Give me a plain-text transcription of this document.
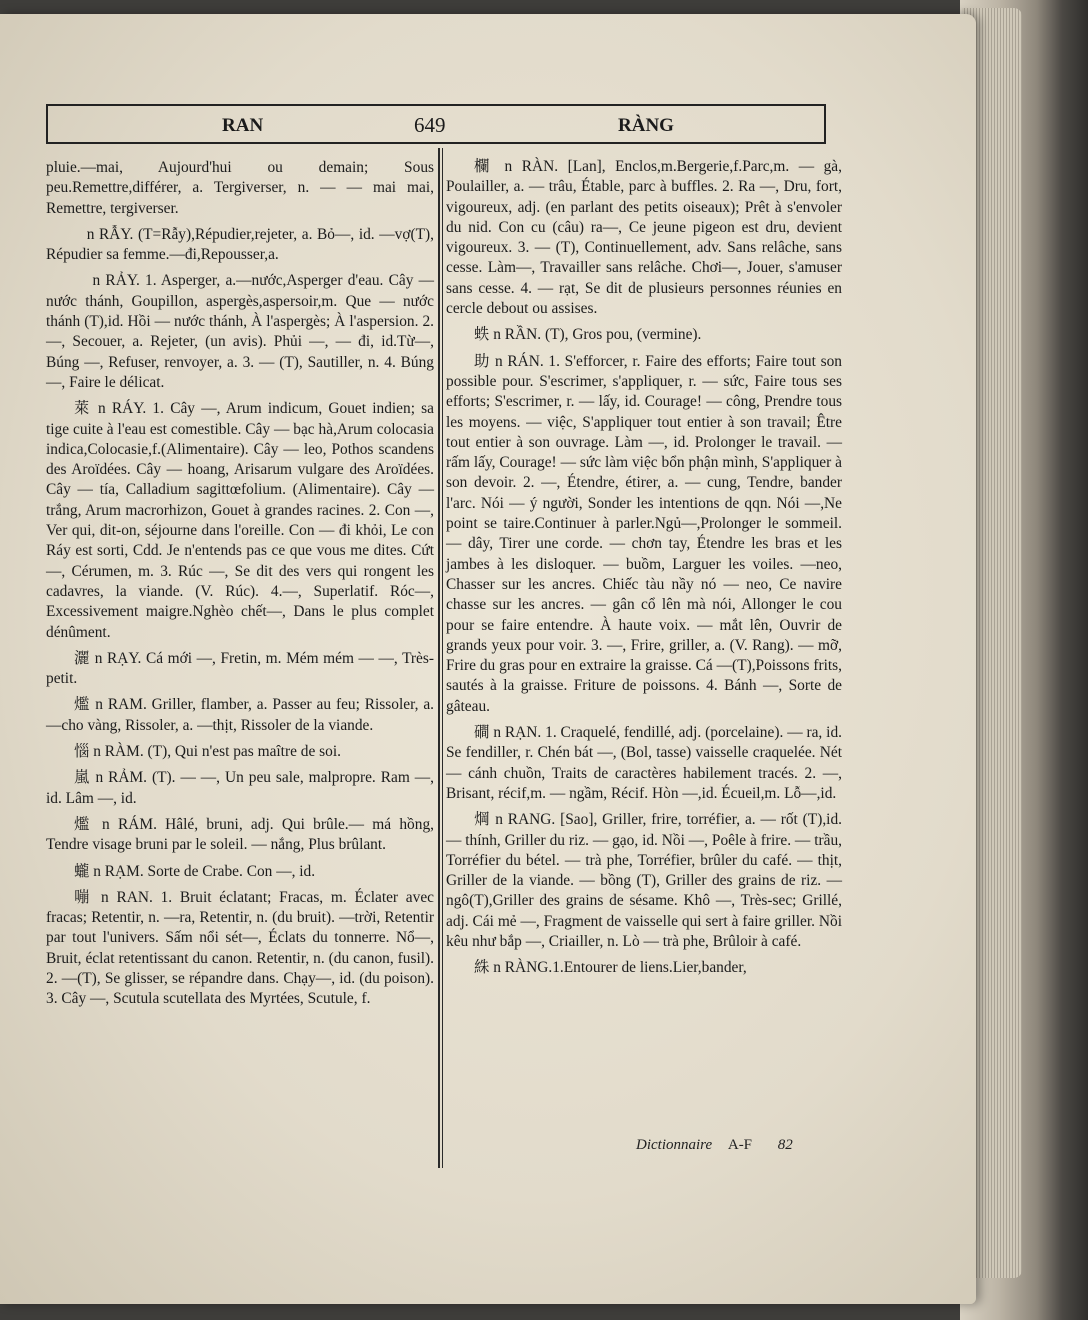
RAN	649	RÀNG

pluie.—mai, Aujourd'hui ou demain; Sous peu.Remettre,différer, a. Tergiverser, n. — — mai mai, Remettre, tergiverser.

𢫝n RẪY. (T=Rẫy),Répudier,rejeter, a. Bỏ—, id. —vợ(T), Répudier sa femme.—đi,Repousser,a.

𢫝 n RẢY. 1. Asperger, a.—nước,Asperger d'eau. Cây — nước thánh, Goupillon, aspergès,aspersoir,m. Que — nước thánh (T),id. Hồi — nước thánh, À l'aspergès; À l'aspersion. 2.—, Secouer, a. Rejeter, (un avis). Phủi —, — đi, id.Từ—, Búng —, Refuser, renvoyer, a. 3. — (T), Sautiller, n. 4. Búng —, Faire le délicat.

萊 n RÁY. 1. Cây —, Arum indicum, Gouet indien; sa tige cuite à l'eau est comestible. Cây — bạc hà,Arum colocasia indica,Colocasie,f.(Alimentaire). Cây — leo, Pothos scandens des Aroïdées. Cây — hoang, Arisarum vulgare des Aroïdées. Cây — tía, Calladium sagittœfolium. (Alimentaire). Cây — trắng, Arum macrorhizon, Gouet à grandes racines. 2. Con —, Ver qui, dit-on, séjourne dans l'oreille. Con — đi khỏi, Le con Ráy est sorti, Cdd. Je n'entends pas ce que vous me dites. Cứt —, Cérumen, m. 3. Rúc —, Se dit des vers qui rongent les cadavres, la viande. (V. Rúc). 4.—, Superlatif. Róc—, Excessivement maigre.Nghèo chết—, Dans le plus complet dénûment.

灑 n RẠY. Cá mới —, Fretin, m. Mém mém — —, Très-petit.

爁 n RAM. Griller, flamber, a. Passer au feu; Rissoler, a. —cho vàng, Rissoler, a. —thịt, Rissoler de la viande.

惱 n RÀM. (T), Qui n'est pas maître de soi.

嵐 n RẢM. (T). — —, Un peu sale, malpropre. Ram —, id. Lâm —, id.

爁 n RÁM. Hâlé, bruni, adj. Qui brûle.— má hồng, Tendre visage bruni par le soleil. — nắng, Plus brûlant.

蠬 n RẠM. Sorte de Crabe. Con —, id.

嘣 n RAN. 1. Bruit éclatant; Fracas, m. Éclater avec fracas; Retentir, n. —ra, Retentir, n. (du bruit). —trời, Retentir par tout l'univers. Sấm nổi sét—, Éclats du tonnerre. Nổ—, Bruit, éclat retentissant du canon. Retentir, n. (du canon, fusil). 2. —(T), Se glisser, se répandre dans. Chạy—, id. (du poison). 3. Cây —, Scutula scutellata des Myrtées, Scutule, f.

欄 n RÀN. [Lan], Enclos,m.Bergerie,f.Parc,m. — gà, Poulailler, a. — trâu, Étable, parc à buffles. 2. Ra —, Dru, fort, vigoureux, adj. (en parlant des petits oiseaux); Prêt à s'envoler du nid. Con cu (câu) ra—, Ce jeune pigeon est dru, devient vigoureux. 3. — (T), Continuellement, adv. Sans relâche, sans cesse. Làm—, Travailler sans relâche. Chơi—, Jouer, s'amuser sans cesse. 4. — rạt, Se dit de plusieurs personnes réunies en cercle debout ou assises.

蛈 n RẦN. (T), Gros pou, (vermine).

助 n RÁN. 1. S'efforcer, r. Faire des efforts; Faire tout son possible pour. S'escrimer, s'appliquer, r. — sức, Faire tous ses efforts; S'escrimer, r. — lấy, id. Courage! — công, Prendre tous les moyens. — việc, S'appliquer tout entier à son travail; Être tout entier à son ouvrage. Làm —, id. Prolonger le travail. — rấm lấy, Courage! — sức làm việc bổn phận mình, S'appliquer à son devoir. 2. —, Étendre, étirer, a. — cung, Tendre, bander l'arc. Nói — ý người, Sonder les intentions de qqn. Nói —,Ne point se taire.Continuer à parler.Ngủ—,Prolonger le sommeil. — dây, Tirer une corde. — chơn tay, Étendre les bras et les jambes à les disloquer. — buồm, Larguer les voiles. —neo, Chasser sur les ancres. Chiếc tàu nầy nó — neo, Ce navire chasse sur les ancres. — gân cổ lên mà nói, Allonger le cou pour se faire entendre. À haute voix. — mắt lên, Ouvrir de grands yeux pour voir. 3. —, Frire, griller, a. (V. Rang). — mỡ, Frire du gras pour en extraire la graisse. Cá —(T),Poissons frits, sautés à la graisse. Friture de poissons. 4. Bánh —, Sorte de gâteau.

磵 n RẠN. 1. Craquelé, fendillé, adj. (porcelaine). — ra, id. Se fendiller, r. Chén bát —, (Bol, tasse) vaisselle craquelée. Nét— cánh chuồn, Traits de caractères habilement tracés. 2. —, Brisant, récif,m. — ngầm, Récif. Hòn —,id. Écueil,m. Lỗ—,id.

焵 n RANG. [Sao], Griller, frire, torréfier, a. — rốt (T),id. — thính, Griller du riz. — gạo, id. Nồi —, Poêle à frire. — trầu, Torréfier du bétel. — trà phe, Torréfier, brûler du café. — thịt, Griller de la viande. — bồng (T), Griller des grains de riz. — ngô(T),Griller des grains de sésame. Khô —, Très-sec; Grillé, adj. Cái mẻ —, Fragment de vaisselle qui sert à faire griller. Nồi kêu như bắp —, Criailler, n. Lò — trà phe, Brûloir à café.

絑 n RÀNG.1.Entourer de liens.Lier,bander,

Dictionnaire A-F 82
